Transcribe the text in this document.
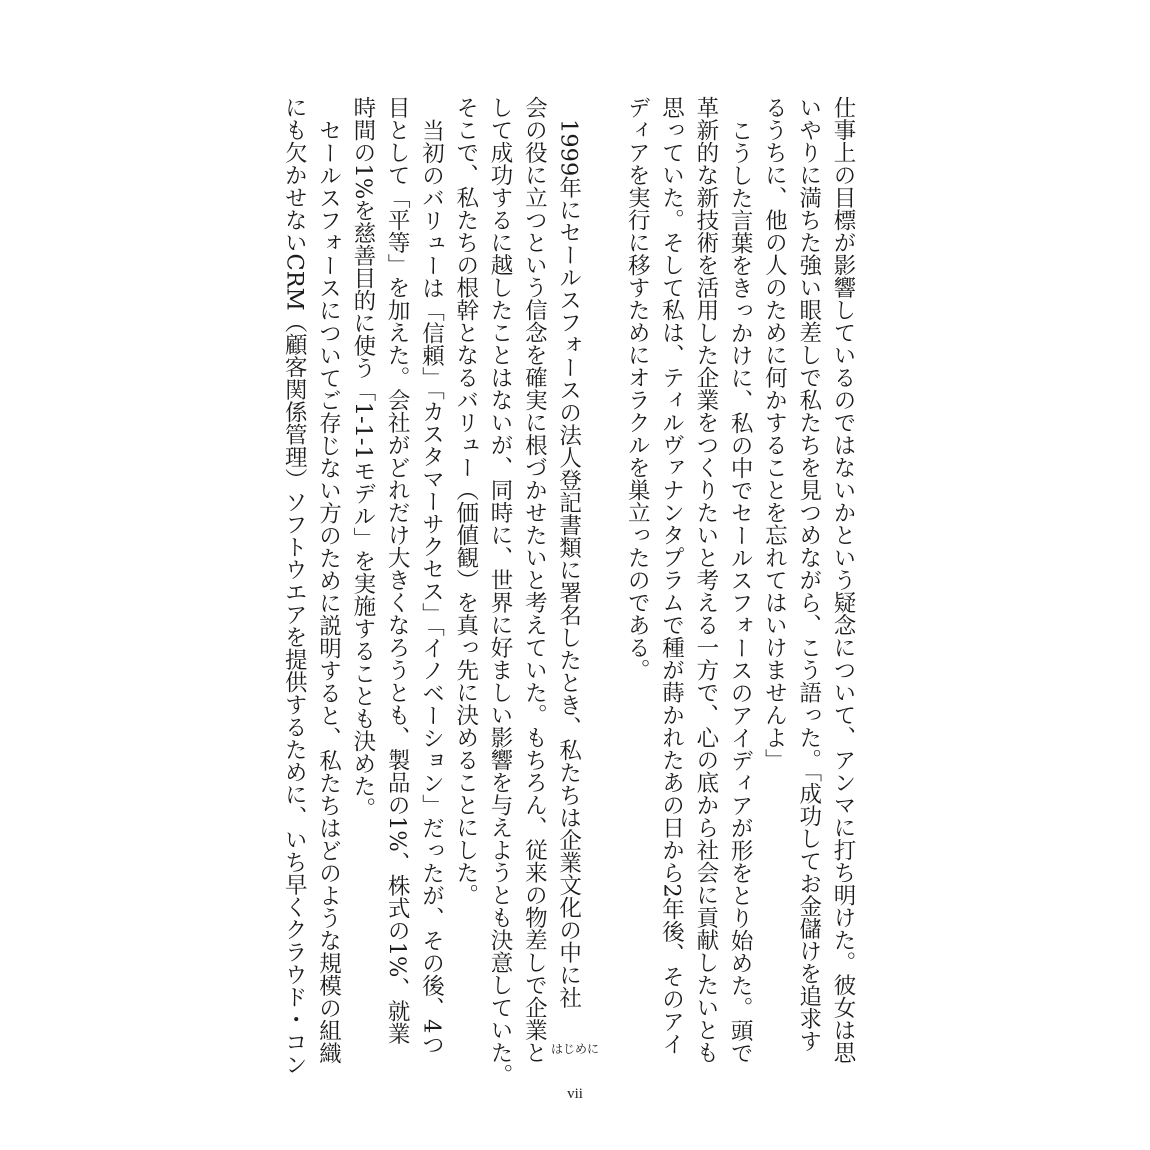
仕事上の目標が影響しているのではないかという疑念について、アンマに打ち明けた。彼女は思
いやりに満ちた強い眼差しで私たちを見つめながら、こう語った。「成功してお金儲けを追求す
るうちに、他の人のために何かすることを忘れてはいけませんよ」
こうした言葉をきっかけに、私の中でセールスフォースのアイディアが形をとり始めた。頭で
革新的な新技術を活用した企業をつくりたいと考える一方で、心の底から社会に貢献したいとも
思っていた。そして私は、ティルヴァナンタプラムで種が蒔かれたあの日から2年後、そのアイ
ディアを実行に移すためにオラクルを巣立ったのである。
1999年にセールスフォースの法人登記書類に署名したとき、私たちは企業文化の中に社
会の役に立つという信念を確実に根づかせたいと考えていた。もちろん、従来の物差しで企業と
して成功するに越したことはないが、同時に、世界に好ましい影響を与えようとも決意していた。
そこで、私たちの根幹となるバリュー（価値観）を真っ先に決めることにした。
当初のバリューは「信頼」「カスタマーサクセス」「イノベーション」だったが、その後、4つ
目として「平等」を加えた。会社がどれだけ大きくなろうとも、製品の1%、株式の1%、就業
時間の1%を慈善目的に使う「1-1-1モデル」を実施することも決めた。
セールスフォースについてご存じない方のために説明すると、私たちはどのような規模の組織
にも欠かせないCRM（顧客関係管理）ソフトウエアを提供するために、いち早くクラウド・コン	はじめに
vii
